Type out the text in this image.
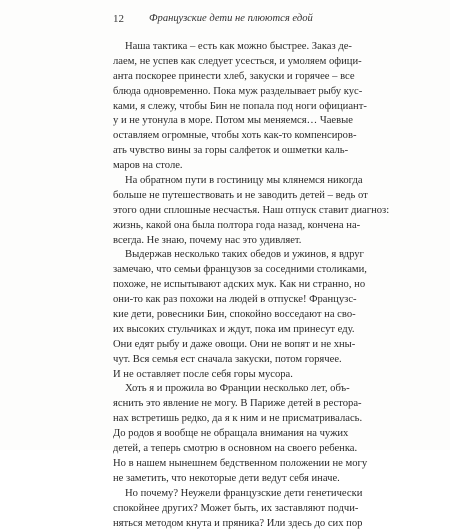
12 Французские дети не плюются едой
Наша тактика – есть как можно быстрее. Заказ де-
лаем, не успев как следует усесться, и умоляем офици-
анта поскорее принести хлеб, закуски и горячее – все
блюда одновременно. Пока муж разделывает рыбу кус-
ками, я слежу, чтобы Бин не попала под ноги официант-
у и не утонула в море. Потом мы меняемся… Чаевые
оставляем огромные, чтобы хоть как-то компенсиров-
ать чувство вины за горы салфеток и ошметки каль-
маров на столе.
На обратном пути в гостиницу мы клянемся никогда
больше не путешествовать и не заводить детей – ведь от
этого одни сплошные несчастья. Наш отпуск ставит диагноз:
жизнь, какой она была полтора года назад, кончена на-
всегда. Не знаю, почему нас это удивляет.
Выдержав несколько таких обедов и ужинов, я вдруг
замечаю, что семьи французов за соседними столиками,
похоже, не испытывают адских мук. Как ни странно, но
они-то как раз похожи на людей в отпуске! Французс-
кие дети, ровесники Бин, спокойно восседают на сво-
их высоких стульчиках и ждут, пока им принесут еду.
Они едят рыбу и даже овощи. Они не вопят и не хны-
чут. Вся семья ест сначала закуски, потом горячее.
И не оставляет после себя горы мусора.
Хоть я и прожила во Франции несколько лет, объ-
яснить это явление не могу. В Париже детей в рестора-
нах встретишь редко, да я к ним и не присматривалась.
До родов я вообще не обращала внимания на чужих
детей, а теперь смотрю в основном на своего ребенка.
Но в нашем нынешнем бедственном положении не могу
не заметить, что некоторые дети ведут себя иначе.
Но почему? Неужели французские дети генетически
спокойнее других? Может быть, их заставляют подчи-
няться методом кнута и пряника? Или здесь до сих пор
